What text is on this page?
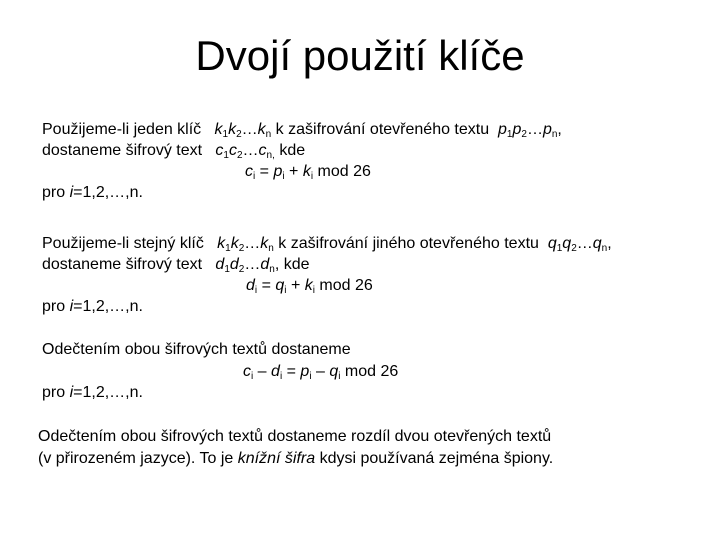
Dvojí použití klíče
Použijeme-li jeden klíč $k_1k_2\dots k_n$ k zašifrování otevřeného textu  $p_1p_2\dots p_n$,
dostaneme šifrový text $c_1c_2\dots c_{n,}$ kde
$c_i = p_i + k_i$ mod 26
pro i=1,2,…,n.
Použijeme-li stejný klíč $k_1k_2\dots k_n$ k zašifrování jiného otevřeného textu  $q_1q_2\dots q_n$,
dostaneme šifrový text $d_1d_2\dots d_n$, kde
$d_i = q_i + k_i$ mod 26
pro i=1,2,…,n.
Odečtením obou šifrových textů dostaneme
$c_i - d_i = p_i - q_i$ mod 26
pro i=1,2,…,n.
Odečtením obou šifrových textů dostaneme rozdíl dvou otevřených textů
(v přirozeném jazyce). To je knížní šifra kdysi používaná zejména špiony.
